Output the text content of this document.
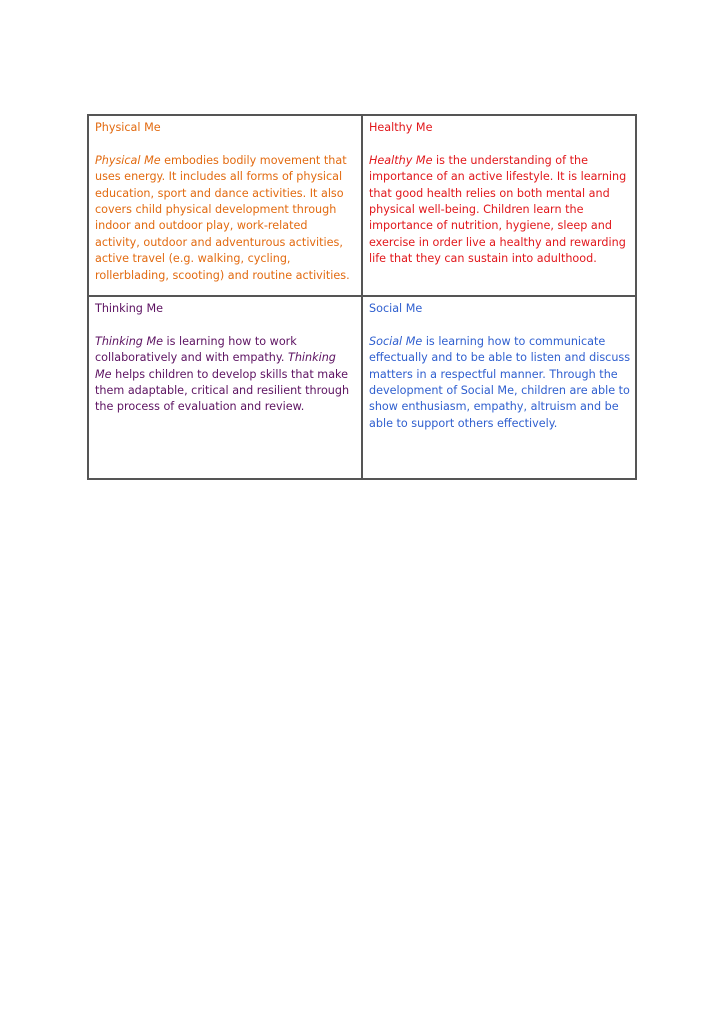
Physical Me
Physical Me embodies bodily movement that uses energy. It includes all forms of physical education, sport and dance activities. It also covers child physical development through indoor and outdoor play, work-related activity, outdoor and adventurous activities, active travel (e.g. walking, cycling, rollerblading, scooting) and routine activities.
Healthy Me
Healthy Me is the understanding of the importance of an active lifestyle. It is learning that good health relies on both mental and physical well-being. Children learn the importance of nutrition, hygiene, sleep and exercise in order live a healthy and rewarding life that they can sustain into adulthood.
Thinking Me
Thinking Me is learning how to work collaboratively and with empathy. Thinking Me helps children to develop skills that make them adaptable, critical and resilient through the process of evaluation and review.
Social Me
Social Me is learning how to communicate effectually and to be able to listen and discuss matters in a respectful manner. Through the development of Social Me, children are able to show enthusiasm, empathy, altruism and be able to support others effectively.
